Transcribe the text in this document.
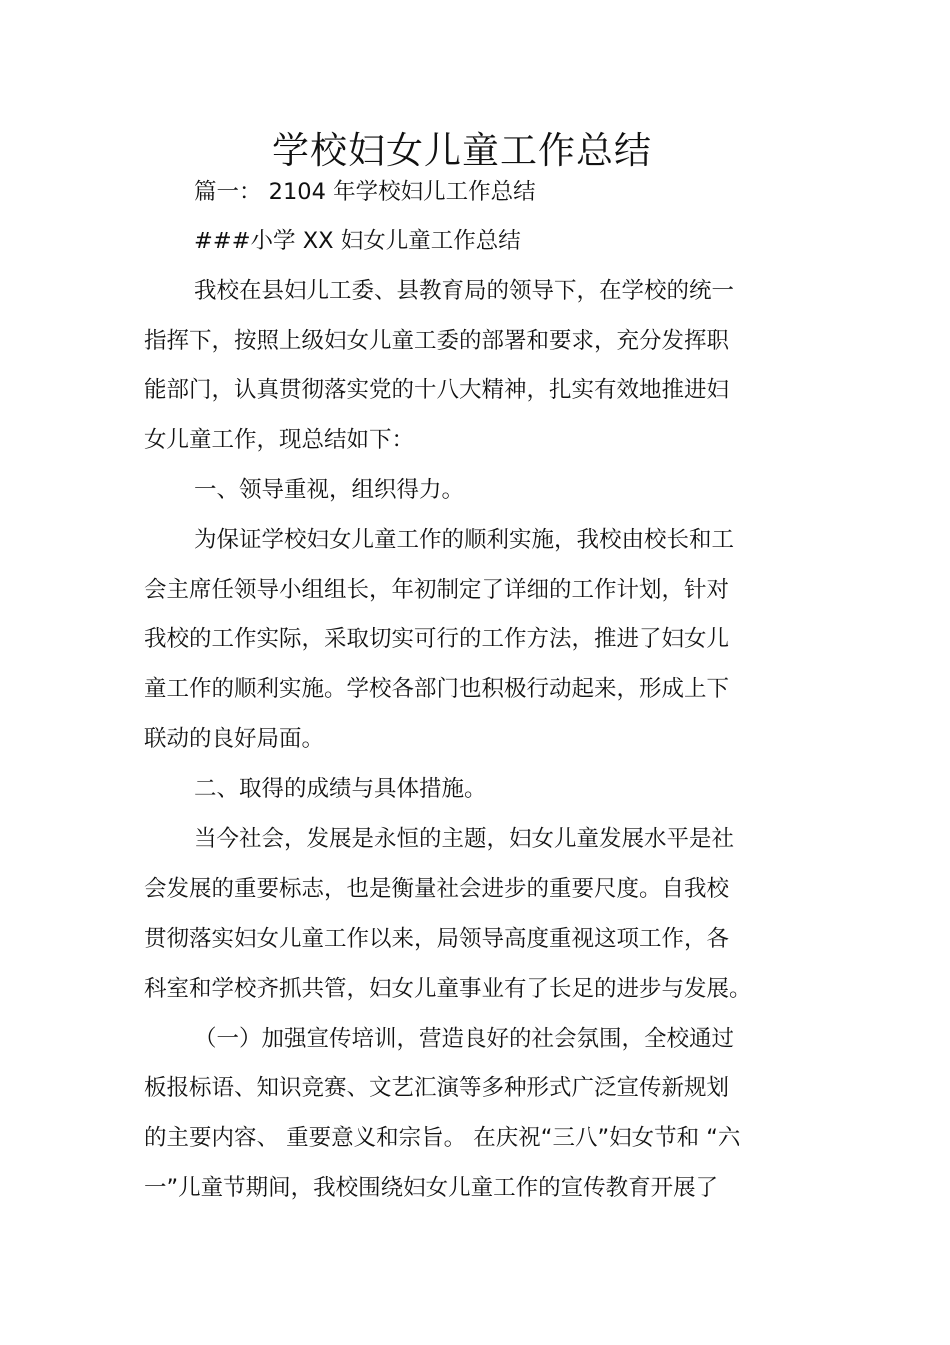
学校妇女儿童工作总结

篇一： 2104 年学校妇儿工作总结

###小学 XX 妇女儿童工作总结

我校在县妇儿工委、县教育局的领导下，在学校的统一

指挥下，按照上级妇女儿童工委的部署和要求，充分发挥职

能部门，认真贯彻落实党的十八大精神，扎实有效地推进妇

女儿童工作，现总结如下：

一、领导重视，组织得力。

为保证学校妇女儿童工作的顺利实施，我校由校长和工

会主席任领导小组组长，年初制定了详细的工作计划，针对

我校的工作实际，采取切实可行的工作方法，推进了妇女儿

童工作的顺利实施。学校各部门也积极行动起来，形成上下

联动的良好局面。

二、取得的成绩与具体措施。

当今社会，发展是永恒的主题，妇女儿童发展水平是社

会发展的重要标志，也是衡量社会进步的重要尺度。自我校

贯彻落实妇女儿童工作以来，局领导高度重视这项工作，各

科室和学校齐抓共管，妇女儿童事业有了长足的进步与发展。

（一）加强宣传培训，营造良好的社会氛围，全校通过

板报标语、知识竞赛、文艺汇演等多种形式广泛宣传新规划

的主要内容、 重要意义和宗旨。 在庆祝“三八”妇女节和 “六

一”儿童节期间，我校围绕妇女儿童工作的宣传教育开展了
